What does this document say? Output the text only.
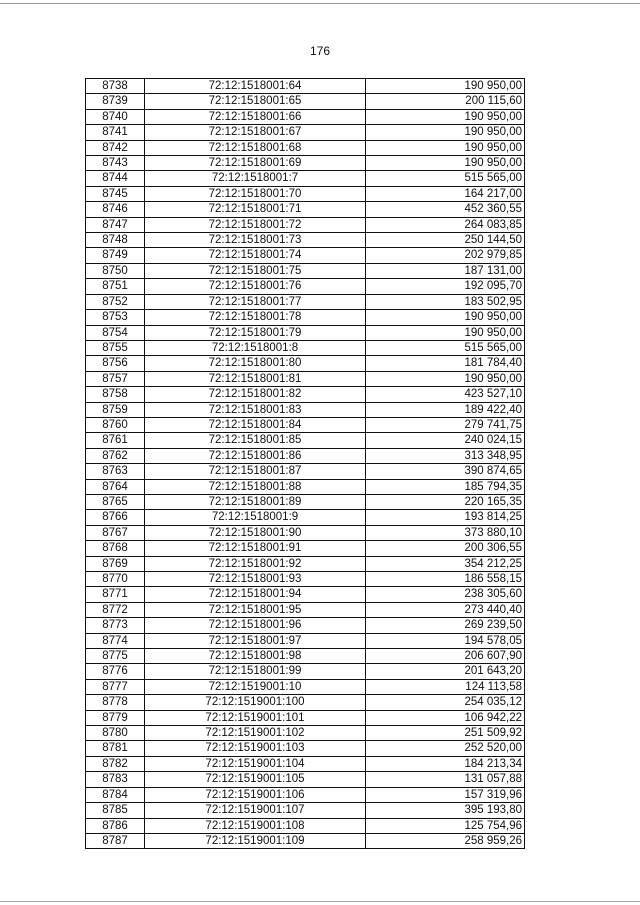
176
8738	72:12:1518001:64	190 950,00
8739	72:12:1518001:65	200 115,60
8740	72:12:1518001:66	190 950,00
8741	72:12:1518001:67	190 950,00
8742	72:12:1518001:68	190 950,00
8743	72:12:1518001:69	190 950,00
8744	72:12:1518001:7	515 565,00
8745	72:12:1518001:70	164 217,00
8746	72:12:1518001:71	452 360,55
8747	72:12:1518001:72	264 083,85
8748	72:12:1518001:73	250 144,50
8749	72:12:1518001:74	202 979,85
8750	72:12:1518001:75	187 131,00
8751	72:12:1518001:76	192 095,70
8752	72:12:1518001:77	183 502,95
8753	72:12:1518001:78	190 950,00
8754	72:12:1518001:79	190 950,00
8755	72:12:1518001:8	515 565,00
8756	72:12:1518001:80	181 784,40
8757	72:12:1518001:81	190 950,00
8758	72:12:1518001:82	423 527,10
8759	72:12:1518001:83	189 422,40
8760	72:12:1518001:84	279 741,75
8761	72:12:1518001:85	240 024,15
8762	72:12:1518001:86	313 348,95
8763	72:12:1518001:87	390 874,65
8764	72:12:1518001:88	185 794,35
8765	72:12:1518001:89	220 165,35
8766	72:12:1518001:9	193 814,25
8767	72:12:1518001:90	373 880,10
8768	72:12:1518001:91	200 306,55
8769	72:12:1518001:92	354 212,25
8770	72:12:1518001:93	186 558,15
8771	72:12:1518001:94	238 305,60
8772	72:12:1518001:95	273 440,40
8773	72:12:1518001:96	269 239,50
8774	72:12:1518001:97	194 578,05
8775	72:12:1518001:98	206 607,90
8776	72:12:1518001:99	201 643,20
8777	72:12:1519001:10	124 113,58
8778	72:12:1519001:100	254 035,12
8779	72:12:1519001:101	106 942,22
8780	72:12:1519001:102	251 509,92
8781	72:12:1519001:103	252 520,00
8782	72:12:1519001:104	184 213,34
8783	72:12:1519001:105	131 057,88
8784	72:12:1519001:106	157 319,96
8785	72:12:1519001:107	395 193,80
8786	72:12:1519001:108	125 754,96
8787	72:12:1519001:109	258 959,26
